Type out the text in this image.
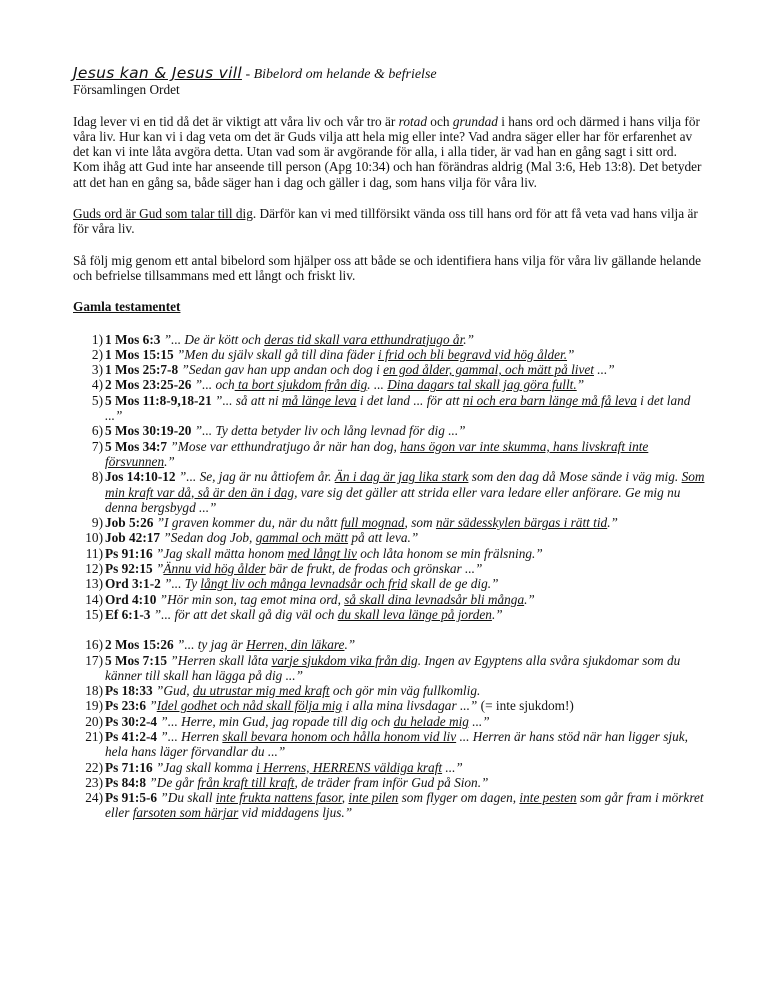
Jesus kan & Jesus vill - Bibelord om helande & befrielse
Församlingen Ordet

Idag lever vi en tid då det är viktigt att våra liv och vår tro är rotad och grundad i hans ord och därmed i hans vilja för våra liv. Hur kan vi i dag veta om det är Guds vilja att hela mig eller inte? Vad andra säger eller har för erfarenhet av det kan vi inte låta avgöra detta. Utan vad som är avgörande för alla, i alla tider, är vad han en gång sagt i sitt ord. Kom ihåg att Gud inte har anseende till person (Apg 10:34) och han förändras aldrig (Mal 3:6, Heb 13:8). Det betyder att det han en gång sa, både säger han i dag och gäller i dag, som hans vilja för våra liv.

Guds ord är Gud som talar till dig. Därför kan vi med tillförsikt vända oss till hans ord för att få veta vad hans vilja är för våra liv.

Så följ mig genom ett antal bibelord som hjälper oss att både se och identifiera hans vilja för våra liv gällande helande och befrielse tillsammans med ett långt och friskt liv.

Gamla testamentet
1) 1 Mos 6:3 ”... De är kött och deras tid skall vara etthundratjugo år.”
2) 1 Mos 15:15 ”Men du själv skall gå till dina fäder i frid och bli begravd vid hög ålder.”
3) 1 Mos 25:7-8 ”Sedan gav han upp andan och dog i en god ålder, gammal, och mätt på livet ...”
4) 2 Mos 23:25-26 ”... och ta bort sjukdom från dig. ... Dina dagars tal skall jag göra fullt.”
5) 5 Mos 11:8-9,18-21 ”... så att ni må länge leva i det land ... för att ni och era barn länge må få leva i det land ...”
6) 5 Mos 30:19-20 ”... Ty detta betyder liv och lång levnad för dig ...”
7) 5 Mos 34:7 ”Mose var etthundratjugo år när han dog, hans ögon var inte skumma, hans livskraft inte försvunnen.”
8) Jos 14:10-12 ”... Se, jag är nu åttiofem år. Än i dag är jag lika stark som den dag då Mose sände i väg mig. Som min kraft var då, så är den än i dag, vare sig det gäller att strida eller vara ledare eller anförare. Ge mig nu denna bergsbygd ...”
9) Job 5:26 ”I graven kommer du, när du nått full mognad, som när sädesskylen bärgas i rätt tid.”
10) Job 42:17 ”Sedan dog Job, gammal och mätt på att leva.”
11) Ps 91:16 ”Jag skall mätta honom med långt liv och låta honom se min frälsning.”
12) Ps 92:15 ”Ännu vid hög ålder bär de frukt, de frodas och grönskar ...”
13) Ord 3:1-2 ”... Ty långt liv och många levnadsår och frid skall de ge dig.”
14) Ord 4:10 ”Hör min son, tag emot mina ord, så skall dina levnadsår bli många.”
15) Ef 6:1-3 ”... för att det skall gå dig väl och du skall leva länge på jorden.”
16) 2 Mos 15:26 ”... ty jag är Herren, din läkare.”
17) 5 Mos 7:15 ”Herren skall låta varje sjukdom vika från dig. Ingen av Egyptens alla svåra sjukdomar som du känner till skall han lägga på dig ...”
18) Ps 18:33 ”Gud, du utrustar mig med kraft och gör min väg fullkomlig.
19) Ps 23:6 ”Idel godhet och nåd skall följa mig i alla mina livsdagar ...” (= inte sjukdom!)
20) Ps 30:2-4 ”... Herre, min Gud, jag ropade till dig och du helade mig ...”
21) Ps 41:2-4 ”... Herren skall bevara honom och hålla honom vid liv ... Herren är hans stöd när han ligger sjuk, hela hans läger förvandlar du ...”
22) Ps 71:16 ”Jag skall komma i Herrens, HERRENS väldiga kraft ...”
23) Ps 84:8 ”De går från kraft till kraft, de träder fram inför Gud på Sion.”
24) Ps 91:5-6 ”Du skall inte frukta nattens fasor, inte pilen som flyger om dagen, inte pesten som går fram i mörkret eller farsoten som härjar vid middagens ljus.”
